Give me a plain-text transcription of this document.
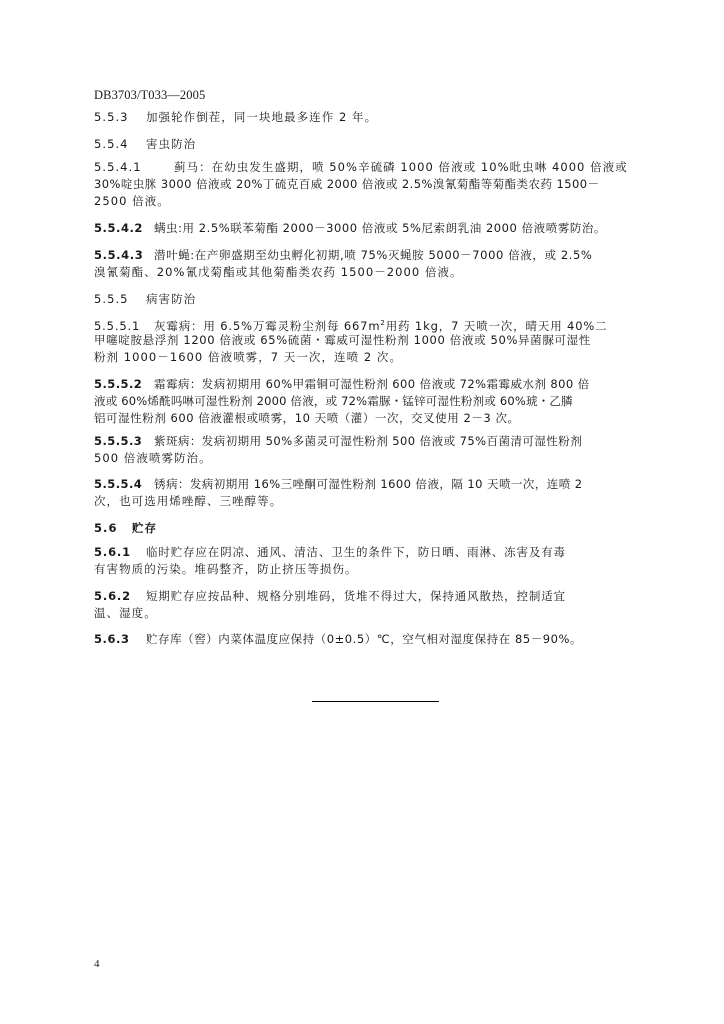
DB3703/T033—2005
5.5.3 加强轮作倒茬，同一块地最多连作 2 年。
5.5.4 害虫防治
5.5.4.1	蓟马：在幼虫发生盛期，喷 50%辛硫磷 1000 倍液或 10%吡虫啉 4000 倍液或
30%啶虫脒 3000 倍液或 20%丁硫克百威 2000 倍液或 2.5%溴氰菊酯等菊酯类农药 1500－
2500 倍液。
5.5.4.2 螨虫:用 2.5%联苯菊酯 2000－3000 倍液或 5%尼索朗乳油 2000 倍液喷雾防治。
5.5.4.3 潜叶蝇:在产卵盛期至幼虫孵化初期,喷 75%灭蝇胺 5000－7000 倍液，或 2.5%
溴氰菊酯、20%氰戊菊酯或其他菊酯类农药 1500－2000 倍液。
5.5.5 病害防治
5.5.5.1 灰霉病：用 6.5%万霉灵粉尘剂每 $667m^2$用药 1kg，7 天喷一次，晴天用 40%二
甲噻啶胺悬浮剂 1200 倍液或 65%硫菌・霉威可湿性粉剂 1000 倍液或 50%异菌脲可湿性
粉剂 1000－1600 倍液喷雾，7 天一次，连喷 2 次。
5.5.5.2 霜霉病：发病初期用 60%甲霜铜可湿性粉剂 600 倍液或 72%霜霉威水剂 800 倍
液或 60%烯酰吗啉可湿性粉剂 2000 倍液，或 72%霜脲・锰锌可湿性粉剂或 60%琥・乙膦
铝可湿性粉剂 600 倍液灌根或喷雾，10 天喷（灌）一次，交叉使用 2－3 次。
5.5.5.3 紫斑病：发病初期用 50%多菌灵可湿性粉剂 500 倍液或 75%百菌清可湿性粉剂
500 倍液喷雾防治。
5.5.5.4 锈病：发病初期用 16%三唑酮可湿性粉剂 1600 倍液，隔 10 天喷一次，连喷 2
次，也可选用烯唑醇、三唑醇等。
5.6 贮存
5.6.1 临时贮存应在阴凉、通风、清洁、卫生的条件下，防日晒、雨淋、冻害及有毒
有害物质的污染。堆码整齐，防止挤压等损伤。
5.6.2 短期贮存应按品种、规格分别堆码，货堆不得过大，保持通风散热，控制适宜
温、湿度。
5.6.3 贮存库（窖）内菜体温度应保持（0±0.5）℃，空气相对湿度保持在 85－90%。
4
